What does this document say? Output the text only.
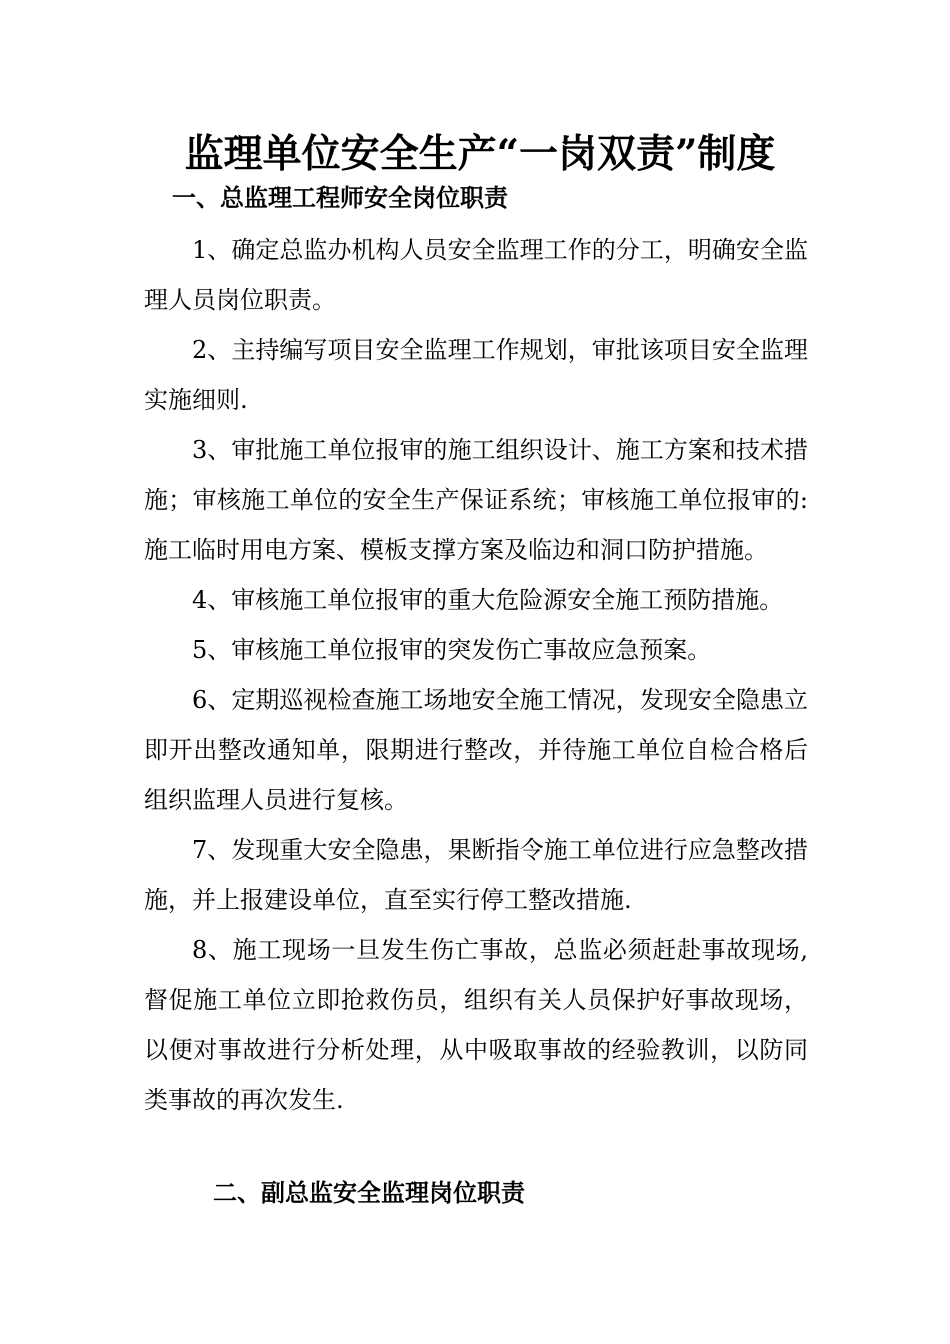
监理单位安全生产“一岗双责”制度
一、总监理工程师安全岗位职责

1、确定总监办机构人员安全监理工作的分工，明确安全监理人员岗位职责。

2、主持编写项目安全监理工作规划，审批该项目安全监理实施细则.

3、审批施工单位报审的施工组织设计、施工方案和技术措施；审核施工单位的安全生产保证系统；审核施工单位报审的:施工临时用电方案、模板支撑方案及临边和洞口防护措施。

4、审核施工单位报审的重大危险源安全施工预防措施。

5、审核施工单位报审的突发伤亡事故应急预案。

6、定期巡视检查施工场地安全施工情况，发现安全隐患立即开出整改通知单，限期进行整改，并待施工单位自检合格后组织监理人员进行复核。

7、发现重大安全隐患，果断指令施工单位进行应急整改措施，并上报建设单位，直至实行停工整改措施.

8、施工现场一旦发生伤亡事故，总监必须赶赴事故现场,督促施工单位立即抢救伤员，组织有关人员保护好事故现场，以便对事故进行分析处理，从中吸取事故的经验教训，以防同类事故的再次发生.

二、副总监安全监理岗位职责
